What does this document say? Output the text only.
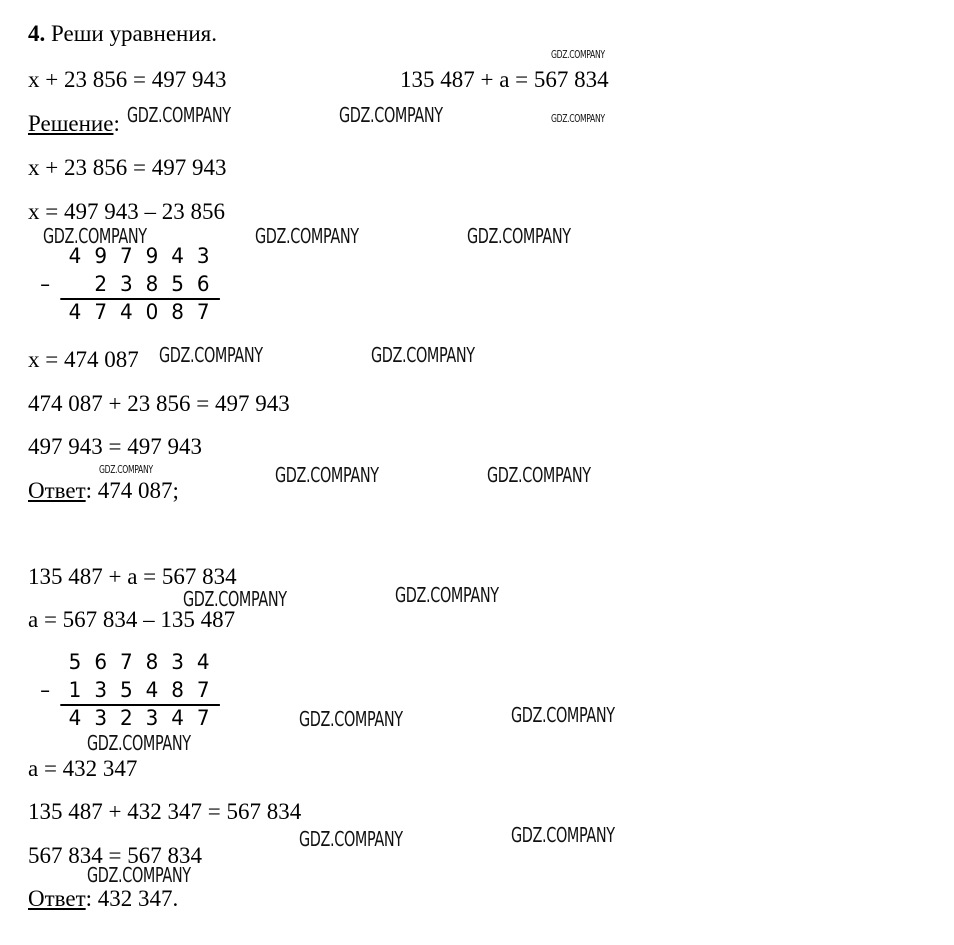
4. Реши уравнения.
x + 23 856 = 497 943	135 487 + a = 567 834
Решение:
x + 23 856 = 497 943
x = 497 943 – 23 856
4 9 7 9 4 3
–	2 3 8 5 6
4 7 4 0 8 7
x = 474 087
474 087 + 23 856 = 497 943
497 943 = 497 943
Ответ: 474 087;
135 487 + a = 567 834
a = 567 834 – 135 487
5 6 7 8 3 4
– 1 3 5 4 8 7
4 3 2 3 4 7
a = 432 347
135 487 + 432 347 = 567 834
567 834 = 567 834
Ответ: 432 347.
GDZ.COMPANY
GDZ.COMPANY	GDZ.COMPANY	GDZ.COMPANY
GDZ.COMPANY	GDZ.COMPANY	GDZ.COMPANY
GDZ.COMPANY	GDZ.COMPANY
GDZ.COMPANY	GDZ.COMPANY	GDZ.COMPANY
GDZ.COMPANY	GDZ.COMPANY
GDZ.COMPANY	GDZ.COMPANY
GDZ.COMPANY
GDZ.COMPANY	GDZ.COMPANY
GDZ.COMPANY
